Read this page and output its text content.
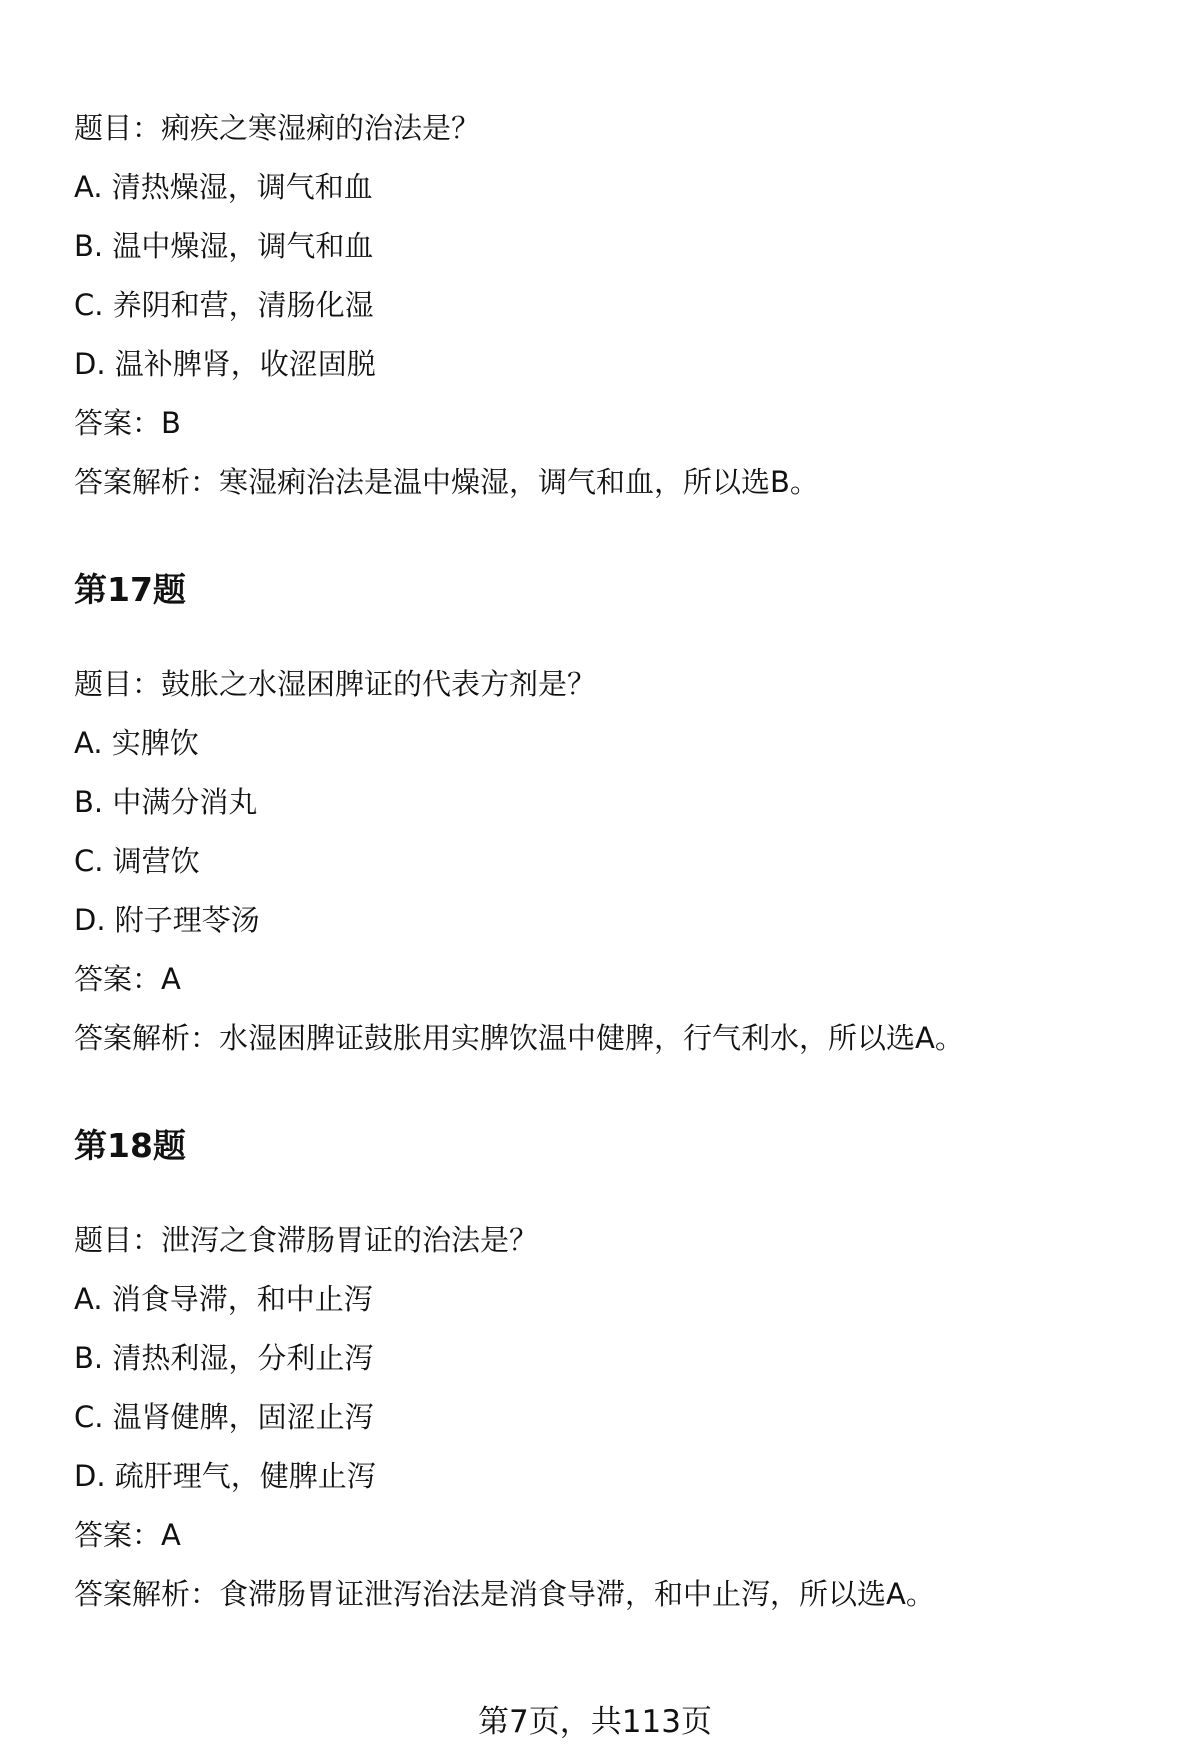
题目：痢疾之寒湿痢的治法是？
A. 清热燥湿，调气和血
B. 温中燥湿，调气和血
C. 养阴和营，清肠化湿
D. 温补脾肾，收涩固脱
答案：B
答案解析：寒湿痢治法是温中燥湿，调气和血，所以选B。
第17题
题目：鼓胀之水湿困脾证的代表方剂是？
A. 实脾饮
B. 中满分消丸
C. 调营饮
D. 附子理苓汤
答案：A
答案解析：水湿困脾证鼓胀用实脾饮温中健脾，行气利水，所以选A。
第18题
题目：泄泻之食滞肠胃证的治法是？
A. 消食导滞，和中止泻
B. 清热利湿，分利止泻
C. 温肾健脾，固涩止泻
D. 疏肝理气，健脾止泻
答案：A
答案解析：食滞肠胃证泄泻治法是消食导滞，和中止泻，所以选A。
第7页，共113页
